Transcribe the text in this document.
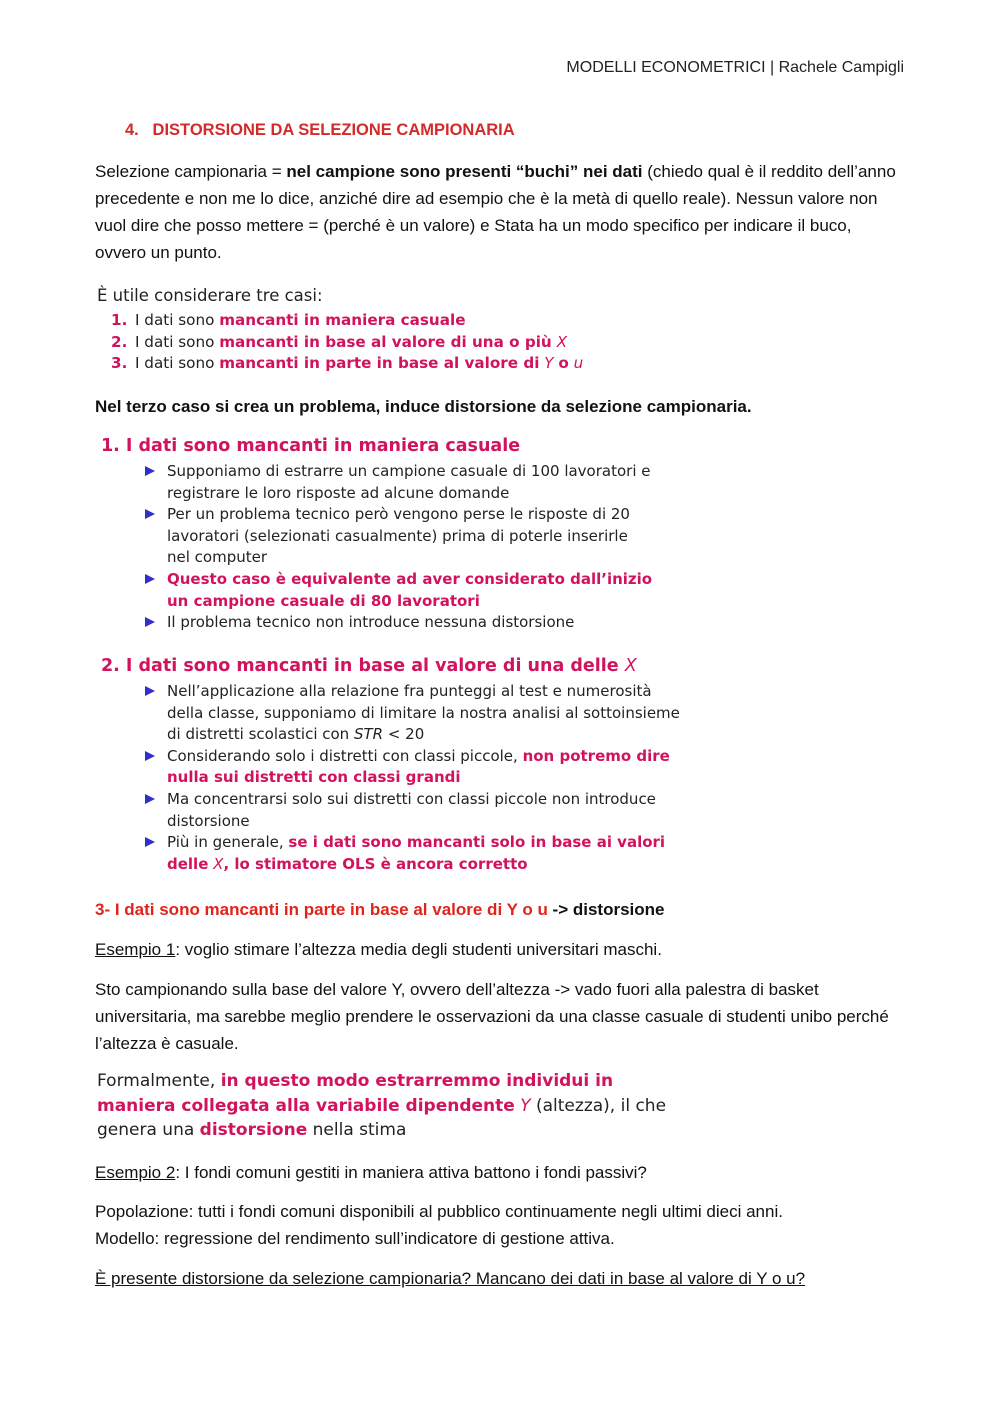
MODELLI ECONOMETRICI | Rachele Campigli
4. DISTORSIONE DA SELEZIONE CAMPIONARIA
Selezione campionaria = nel campione sono presenti “buchi” nei dati (chiedo qual è il reddito dell’anno precedente e non me lo dice, anziché dire ad esempio che è la metà di quello reale). Nessun valore non vuol dire che posso mettere = (perché è un valore) e Stata ha un modo specifico per indicare il buco, ovvero un punto.
È utile considerare tre casi:
1. I dati sono mancanti in maniera casuale
2. I dati sono mancanti in base al valore di una o più X
3. I dati sono mancanti in parte in base al valore di Y o u
Nel terzo caso si crea un problema, induce distorsione da selezione campionaria.
1. I dati sono mancanti in maniera casuale

Supponiamo di estrarre un campione casuale di 100 lavoratori e registrare le loro risposte ad alcune domande

Per un problema tecnico però vengono perse le risposte di 20 lavoratori (selezionati casualmente) prima di poterle inserirle nel computer

Questo caso è equivalente ad aver considerato dall’inizio un campione casuale di 80 lavoratori

Il problema tecnico non introduce nessuna distorsione

2. I dati sono mancanti in base al valore di una delle X

Nell’applicazione alla relazione fra punteggi al test e numerosità della classe, supponiamo di limitare la nostra analisi al sottoinsieme di distretti scolastici con STR < 20

Considerando solo i distretti con classi piccole, non potremo dire nulla sui distretti con classi grandi

Ma concentrarsi solo sui distretti con classi piccole non introduce distorsione

Più in generale, se i dati sono mancanti solo in base ai valori delle X, lo stimatore OLS è ancora corretto

3- I dati sono mancanti in parte in base al valore di Y o u -> distorsione
Esempio 1: voglio stimare l’altezza media degli studenti universitari maschi.
Sto campionando sulla base del valore Y, ovvero dell’altezza -> vado fuori alla palestra di basket universitaria, ma sarebbe meglio prendere le osservazioni da una classe casuale di studenti unibo perché l’altezza è casuale.
Formalmente, in questo modo estrarremmo individui in maniera collegata alla variabile dipendente Y (altezza), il che genera una distorsione nella stima
Esempio 2: I fondi comuni gestiti in maniera attiva battono i fondi passivi?
Popolazione: tutti i fondi comuni disponibili al pubblico continuamente negli ultimi dieci anni.
Modello: regressione del rendimento sull’indicatore di gestione attiva.
È presente distorsione da selezione campionaria? Mancano dei dati in base al valore di Y o u?
